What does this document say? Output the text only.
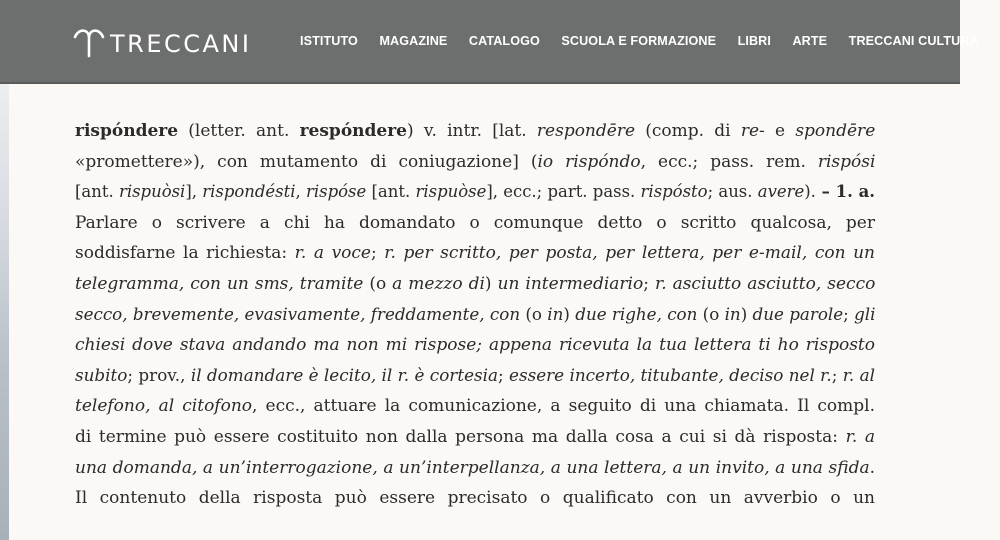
TRECCANI	ISTITUTO MAGAZINE CATALOGO SCUOLA E FORMAZIONE LIBRI ARTE TRECCANI CULTURA
rispóndere (letter. ant. respóndere) v. intr. [lat. respondēre (comp. di re- e spondēre
«promettere»), con mutamento di coniugazione] (io rispóndo, ecc.; pass. rem. rispósi
[ant. rispuòsi], rispondésti, rispóse [ant. rispuòse], ecc.; part. pass. rispósto; aus. avere). – 1. a.
Parlare o scrivere a chi ha domandato o comunque detto o scritto qualcosa, per
soddisfarne la richiesta: r. a voce; r. per scritto, per posta, per lettera, per e-mail, con un
telegramma, con un sms, tramite (o a mezzo di) un intermediario; r. asciutto asciutto, secco
secco, brevemente, evasivamente, freddamente, con (o in) due righe, con (o in) due parole; gli
chiesi dove stava andando ma non mi rispose; appena ricevuta la tua lettera ti ho risposto
subito; prov., il domandare è lecito, il r. è cortesia; essere incerto, titubante, deciso nel r.; r. al
telefono, al citofono, ecc., attuare la comunicazione, a seguito di una chiamata. Il compl.
di termine può essere costituito non dalla persona ma dalla cosa a cui si dà risposta: r. a
una domanda, a un’interrogazione, a un’interpellanza, a una lettera, a un invito, a una sfida.
Il contenuto della risposta può essere precisato o qualificato con un avverbio o un
